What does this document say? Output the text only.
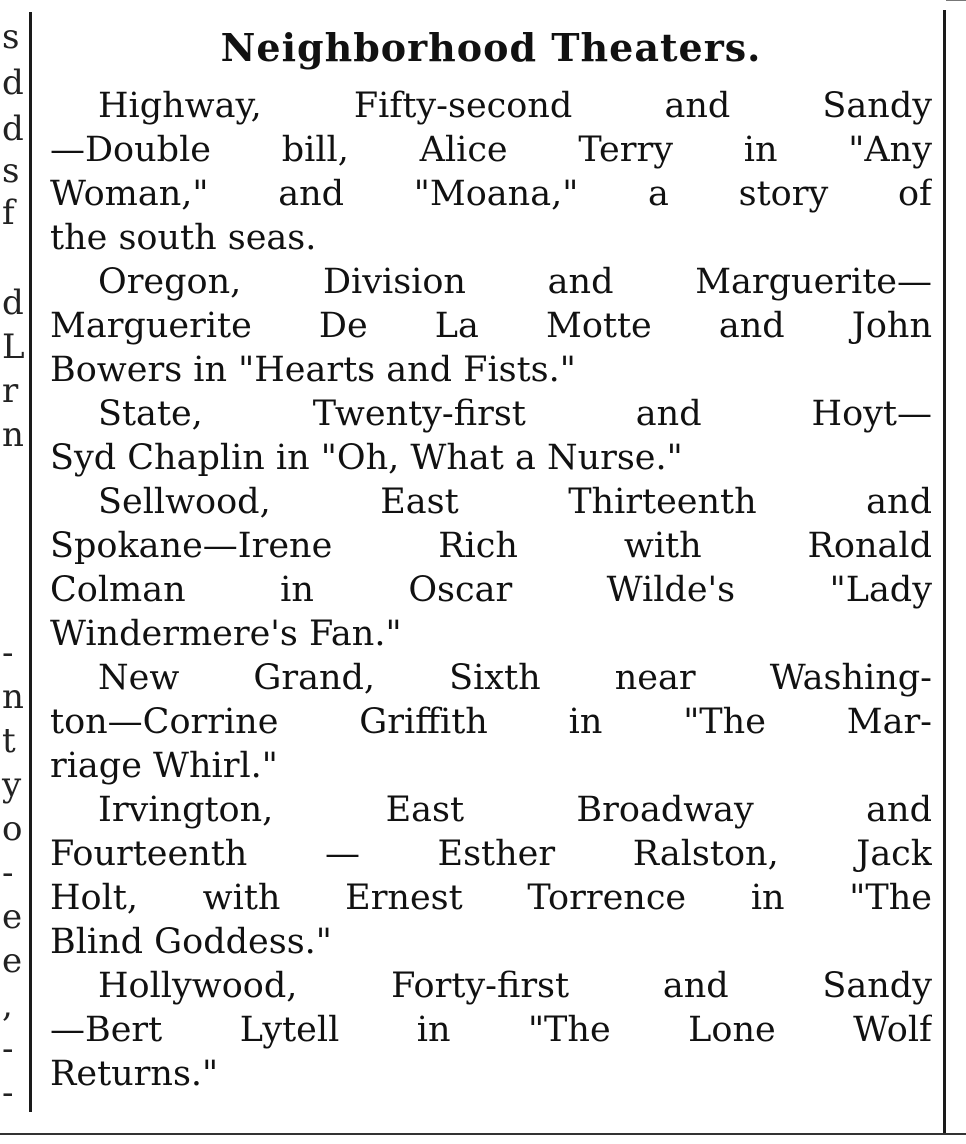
s
d
d
s
f
d
L
r
n
-
n
t
y
o
-
e
e
,
-
-
Neighborhood Theaters.
Highway, Fifty-second and Sandy
—Double bill, Alice Terry in "Any
Woman," and "Moana," a story of
the south seas.
Oregon, Division and Marguerite—
Marguerite De La Motte and John
Bowers in "Hearts and Fists."
State, Twenty-first and Hoyt—
Syd Chaplin in "Oh, What a Nurse."
Sellwood, East Thirteenth and
Spokane—Irene Rich with Ronald
Colman in Oscar Wilde's "Lady
Windermere's Fan."
New Grand, Sixth near Washing-
ton—Corrine Griffith in "The Mar-
riage Whirl."
Irvington, East Broadway and
Fourteenth — Esther Ralston, Jack
Holt, with Ernest Torrence in "The
Blind Goddess."
Hollywood, Forty-first and Sandy
—Bert Lytell in "The Lone Wolf
Returns."
